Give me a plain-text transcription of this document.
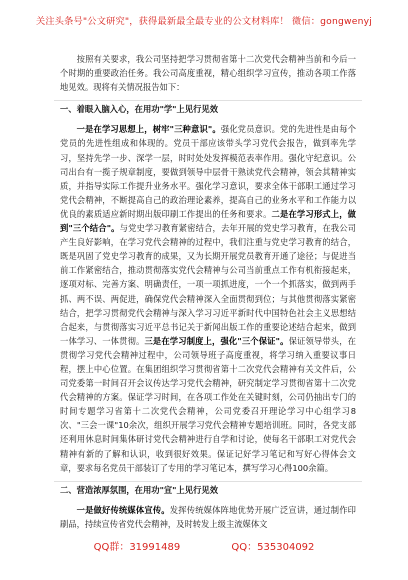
关注头条号"公文研究"，获得最新最全最专业的公文材料库！ 微信：gongwenyj

按照有关要求，我公司坚持把学习贯彻省第十二次党代会精神当前和今后一个时期的重要政治任务。我公司高度重视，精心组织学习宣传，推动各项工作落地见效。现将有关情况报告如下：

一、着眼入脑入心，在用功"学"上见行见效

一是在学习思想上，树牢"三种意识"。强化党员意识。党的先进性是由每个党员的先进性组成和体现的。党员干部应该带头学习党代会报告，做到率先学习，坚持先学一步、深学一层，时时处处发挥模范表率作用。强化守纪意识。公司出台有一揽子规章制度，要做到领导中层骨干熟读党代会精神，领会其精神实质，并指导实际工作提升业务水平。强化学习意识，要求全体干部职工通过学习党代会精神，不断提高自己的政治理论素养，提高自己的业务水平和工作能力以优良的素质适应新时期出版印刷工作提出的任务和要求。二是在学习形式上，做到"三个结合"。与党史学习教育紧密结合，去年开展的党史学习教育，在我公司产生良好影响，在学习党代会精神的过程中，我们注重与党史学习教育的结合，既是巩固了党史学习教育的成果，又为长期开展党员教育开通了途径；与促进当前工作紧密结合，推动贯彻落实党代会精神与公司当前重点工作有机衔接起来，逐项对标、完善方案、明确责任，一项一项抓进度，一个一个抓落实，做到两手抓、两不误、两促进，确保党代会精神深入全面贯彻到位；与其他贯彻落实紧密结合，把学习贯彻党代会精神与深入学习习近平新时代中国特色社会主义思想结合起来，与贯彻落实习近平总书记关于新闻出版工作的重要论述结合起来，做到一体学习、一体贯彻。三是在学习制度上，强化"三个保证"。保证领导带头，在贯彻学习党代会精神过程中，公司领导班子高度重视，将学习纳入重要议事日程，摆上中心位置。在集团组织学习贯彻省第十二次党代会精神有关文件后，公司党委第一时间召开会议传达学习党代会精神，研究制定学习贯彻省第十二次党代会精神的方案。保证学习时间，在各项工作处在关键时刻，公司仍抽出专门的时间专题学习省第十二次党代会精神，公司党委召开理论学习中心组学习8次、"三会一课"10余次，组织开展学习党代会精神专题培训班。同时，各党支部还利用休息时间集体研讨党代会精神进行自学和讨论，使每名干部职工对党代会精神有新的了解和认识，收到很好效果。保证记好学习笔记和写好心得体会文章，要求每名党员干部装订了专用的学习笔记本，撰写学习心得100余篇。

二、营造浓厚氛围，在用功"宣"上见行见效

一是做好传统媒体宣传。发挥传统媒体阵地优势开展广泛宣讲，通过制作印刷品，持续宣传省党代会精神，及时转发上级主流媒体文

QQ群：31991489	QQ：535304092
